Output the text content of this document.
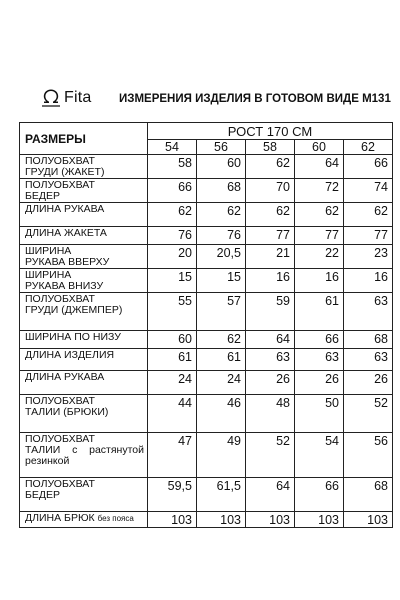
Fita ИЗМЕРЕНИЯ ИЗДЕЛИЯ В ГОТОВОМ ВИДЕ М131
РАЗМЕРЫ	РОСТ 170 СМ				
	54	56	58	60	62

ПОЛУОБХВАТ
ГРУДИ (ЖАКЕТ)	58	60	62	64	66

ПОЛУОБХВАТ
БЕДЕР	66	68	70	72	74

ДЛИНА РУКАВА	62	62	62	62	62

ДЛИНА ЖАКЕТА	76	76	77	77	77

ШИРИНА
РУКАВА ВВЕРХУ	20	20,5	21	22	23

ШИРИНА
РУКАВА ВНИЗУ	15	15	16	16	16

ПОЛУОБХВАТ
ГРУДИ (ДЖЕМПЕР)	55	57	59	61	63

ШИРИНА ПО НИЗУ	60	62	64	66	68

ДЛИНА ИЗДЕЛИЯ	61	61	63	63	63

ДЛИНА РУКАВА	24	24	26	26	26

ПОЛУОБХВАТ
ТАЛИИ (БРЮКИ)	44	46	48	50	52

ПОЛУОБХВАТ
ТАЛИИ с растянутой
резинкой	47	49	52	54	56

ПОЛУОБХВАТ
БЕДЕР	59,5	61,5	64	66	68

ДЛИНА БРЮК без пояса	103	103	103	103	103
